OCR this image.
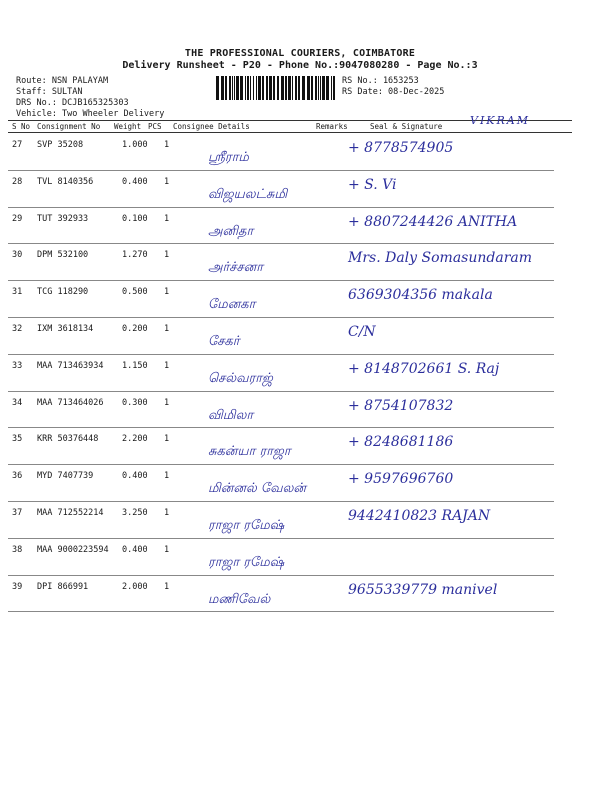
THE PROFESSIONAL COURIERS, COIMBATORE
Delivery Runsheet - P20 - Phone No.:9047080280 - Page No.:3
Route: NSN PALAYAM
Staff: SULTAN
DRS No.: DCJB165325303
Vehicle: Two Wheeler Delivery
RS No.: 1653253
RS Date: 08-Dec-2025
S No Consignment No Weight PCS Consignee Details	Remarks	Seal & Signature	VIKRAM
27 SVP 35208	1.000 1
ஸ்ரீராம்
+ 8778574905
28 TVL 8140356	0.400 1
விஜயலட்சுமி
+ S. Vi
29 TUT 392933	0.100 1
அனிதா
+ 8807244426 ANITHA
30 DPM 532100	1.270 1
அர்ச்சனா
Mrs. Daly Somasundaram
31 TCG 118290	0.500 1
மேனகா
6369304356 makala
32 IXM 3618134	0.200 1
சேகர்
C/N
33 MAA 713463934 1.150 1
செல்வராஜ்
+ 8148702661 S. Raj
34 MAA 713464026 0.300 1
விமிலா
+ 8754107832
35 KRR 50376448	2.200 1
சுகன்யா ராஜா
+ 8248681186
36 MYD 7407739	0.400 1
மின்னல் வேலன்
+ 9597696760
37 MAA 712552214 3.250 1
ராஜா ரமேஷ்
9442410823 RAJAN
38 MAA 9000223594 0.400 1
ராஜா ரமேஷ்
39 DPI 866991	2.000 1
மணிவேல்
9655339779 manivel
